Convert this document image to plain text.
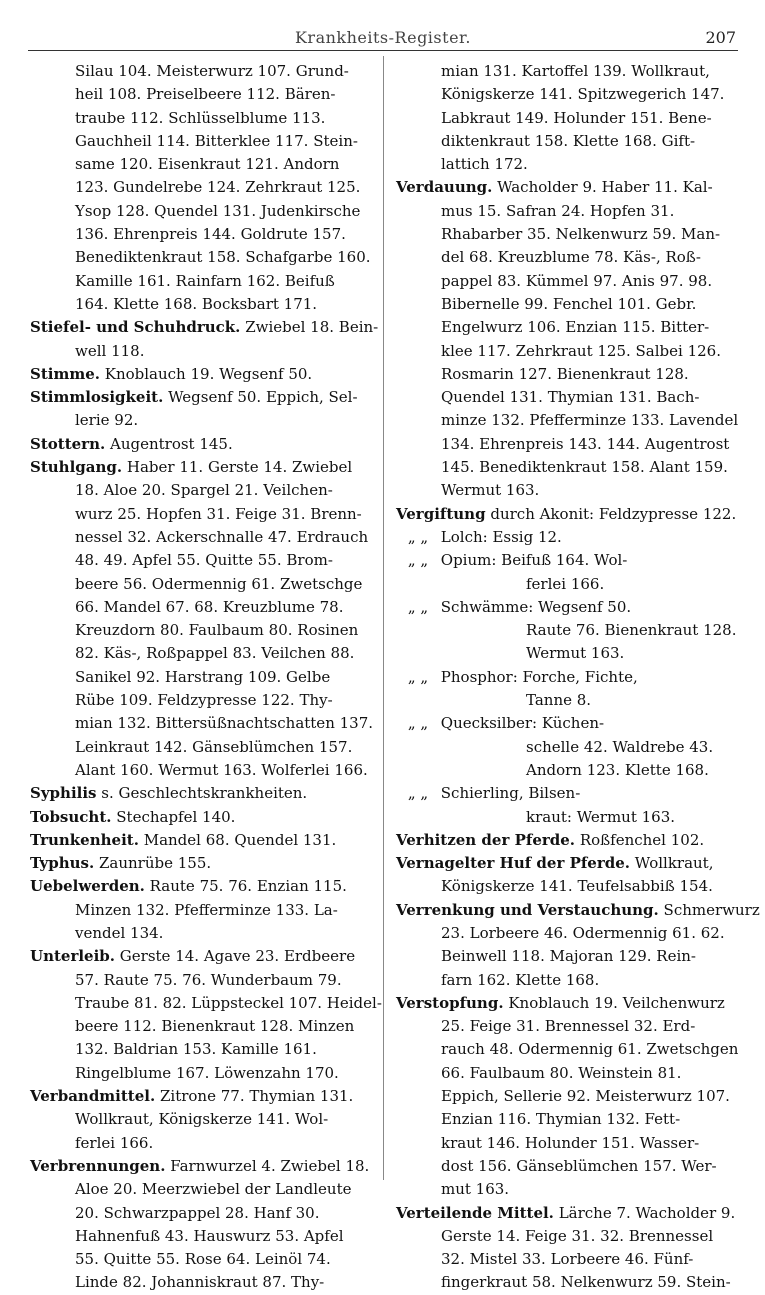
Krankheits-Register.	207
Silau 104. Meisterwurz 107. Grund-
heil 108. Preiselbeere 112. Bären-
traube 112. Schlüsselblume 113.
Gauchheil 114. Bitterklee 117. Stein-
same 120. Eisenkraut 121. Andorn
123. Gundelrebe 124. Zehrkraut 125.
Ysop 128. Quendel 131. Judenkirsche
136. Ehrenpreis 144. Goldrute 157.
Benediktenkraut 158. Schafgarbe 160.
Kamille 161. Rainfarn 162. Beifuß
164. Klette 168. Bocksbart 171.
Stiefel- und Schuhdruck. Zwiebel 18. Bein-
well 118.
Stimme. Knoblauch 19. Wegsenf 50.
Stimmlosigkeit. Wegsenf 50. Eppich, Sel-
lerie 92.
Stottern. Augentrost 145.
Stuhlgang. Haber 11. Gerste 14. Zwiebel
18. Aloe 20. Spargel 21. Veilchen-
wurz 25. Hopfen 31. Feige 31. Brenn-
nessel 32. Ackerschnalle 47. Erdrauch
48. 49. Apfel 55. Quitte 55. Brom-
beere 56. Odermennig 61. Zwetschge
66. Mandel 67. 68. Kreuzblume 78.
Kreuzdorn 80. Faulbaum 80. Rosinen
82. Käs-, Roßpappel 83. Veilchen 88.
Sanikel 92. Harstrang 109. Gelbe
Rübe 109. Feldzypresse 122. Thy-
mian 132. Bittersüßnachtschatten 137.
Leinkraut 142. Gänseblümchen 157.
Alant 160. Wermut 163. Wolferlei 166.
Syphilis s. Geschlechtskrankheiten.
Tobsucht. Stechapfel 140.
Trunkenheit. Mandel 68. Quendel 131.
Typhus. Zaunrübe 155.
Uebelwerden. Raute 75. 76. Enzian 115.
Minzen 132. Pfefferminze 133. La-
vendel 134.
Unterleib. Gerste 14. Agave 23. Erdbeere
57. Raute 75. 76. Wunderbaum 79.
Traube 81. 82. Lüppsteckel 107. Heidel-
beere 112. Bienenkraut 128. Minzen
132. Baldrian 153. Kamille 161.
Ringelblume 167. Löwenzahn 170.
Verbandmittel. Zitrone 77. Thymian 131.
Wollkraut, Königskerze 141. Wol-
ferlei 166.
Verbrennungen. Farnwurzel 4. Zwiebel 18.
Aloe 20. Meerzwiebel der Landleute
20. Schwarzpappel 28. Hanf 30.
Hahnenfuß 43. Hauswurz 53. Apfel
55. Quitte 55. Rose 64. Leinöl 74.
Linde 82. Johanniskraut 87. Thy-
mian 131. Kartoffel 139. Wollkraut,
Königskerze 141. Spitzwegerich 147.
Labkraut 149. Holunder 151. Bene-
diktenkraut 158. Klette 168. Gift-
lattich 172.
Verdauung. Wacholder 9. Haber 11. Kal-
mus 15. Safran 24. Hopfen 31.
Rhabarber 35. Nelkenwurz 59. Man-
del 68. Kreuzblume 78. Käs-, Roß-
pappel 83. Kümmel 97. Anis 97. 98.
Bibernelle 99. Fenchel 101. Gebr.
Engelwurz 106. Enzian 115. Bitter-
klee 117. Zehrkraut 125. Salbei 126.
Rosmarin 127. Bienenkraut 128.
Quendel 131. Thymian 131. Bach-
minze 132. Pfefferminze 133. Lavendel
134. Ehrenpreis 143. 144. Augentrost
145. Benediktenkraut 158. Alant 159.
Wermut 163.
Vergiftung durch Akonit: Feldzypresse 122.
„ „ Lolch: Essig 12.
„ „ Opium: Beifuß 164. Wol-
ferlei 166.
„ „ Schwämme: Wegsenf 50.
Raute 76. Bienenkraut 128.
Wermut 163.
„ „ Phosphor: Forche, Fichte,
Tanne 8.
„ „ Quecksilber: Küchen-
schelle 42. Waldrebe 43.
Andorn 123. Klette 168.
„ „ Schierling, Bilsen-
kraut: Wermut 163.
Verhitzen der Pferde. Roßfenchel 102.
Vernagelter Huf der Pferde. Wollkraut,
Königskerze 141. Teufelsabbiß 154.
Verrenkung und Verstauchung. Schmerwurz
23. Lorbeere 46. Odermennig 61. 62.
Beinwell 118. Majoran 129. Rein-
farn 162. Klette 168.
Verstopfung. Knoblauch 19. Veilchenwurz
25. Feige 31. Brennessel 32. Erd-
rauch 48. Odermennig 61. Zwetschgen
66. Faulbaum 80. Weinstein 81.
Eppich, Sellerie 92. Meisterwurz 107.
Enzian 116. Thymian 132. Fett-
kraut 146. Holunder 151. Wasser-
dost 156. Gänseblümchen 157. Wer-
mut 163.
Verteilende Mittel. Lärche 7. Wacholder 9.
Gerste 14. Feige 31. 32. Brennessel
32. Mistel 33. Lorbeere 46. Fünf-
fingerkraut 58. Nelkenwurz 59. Stein-
